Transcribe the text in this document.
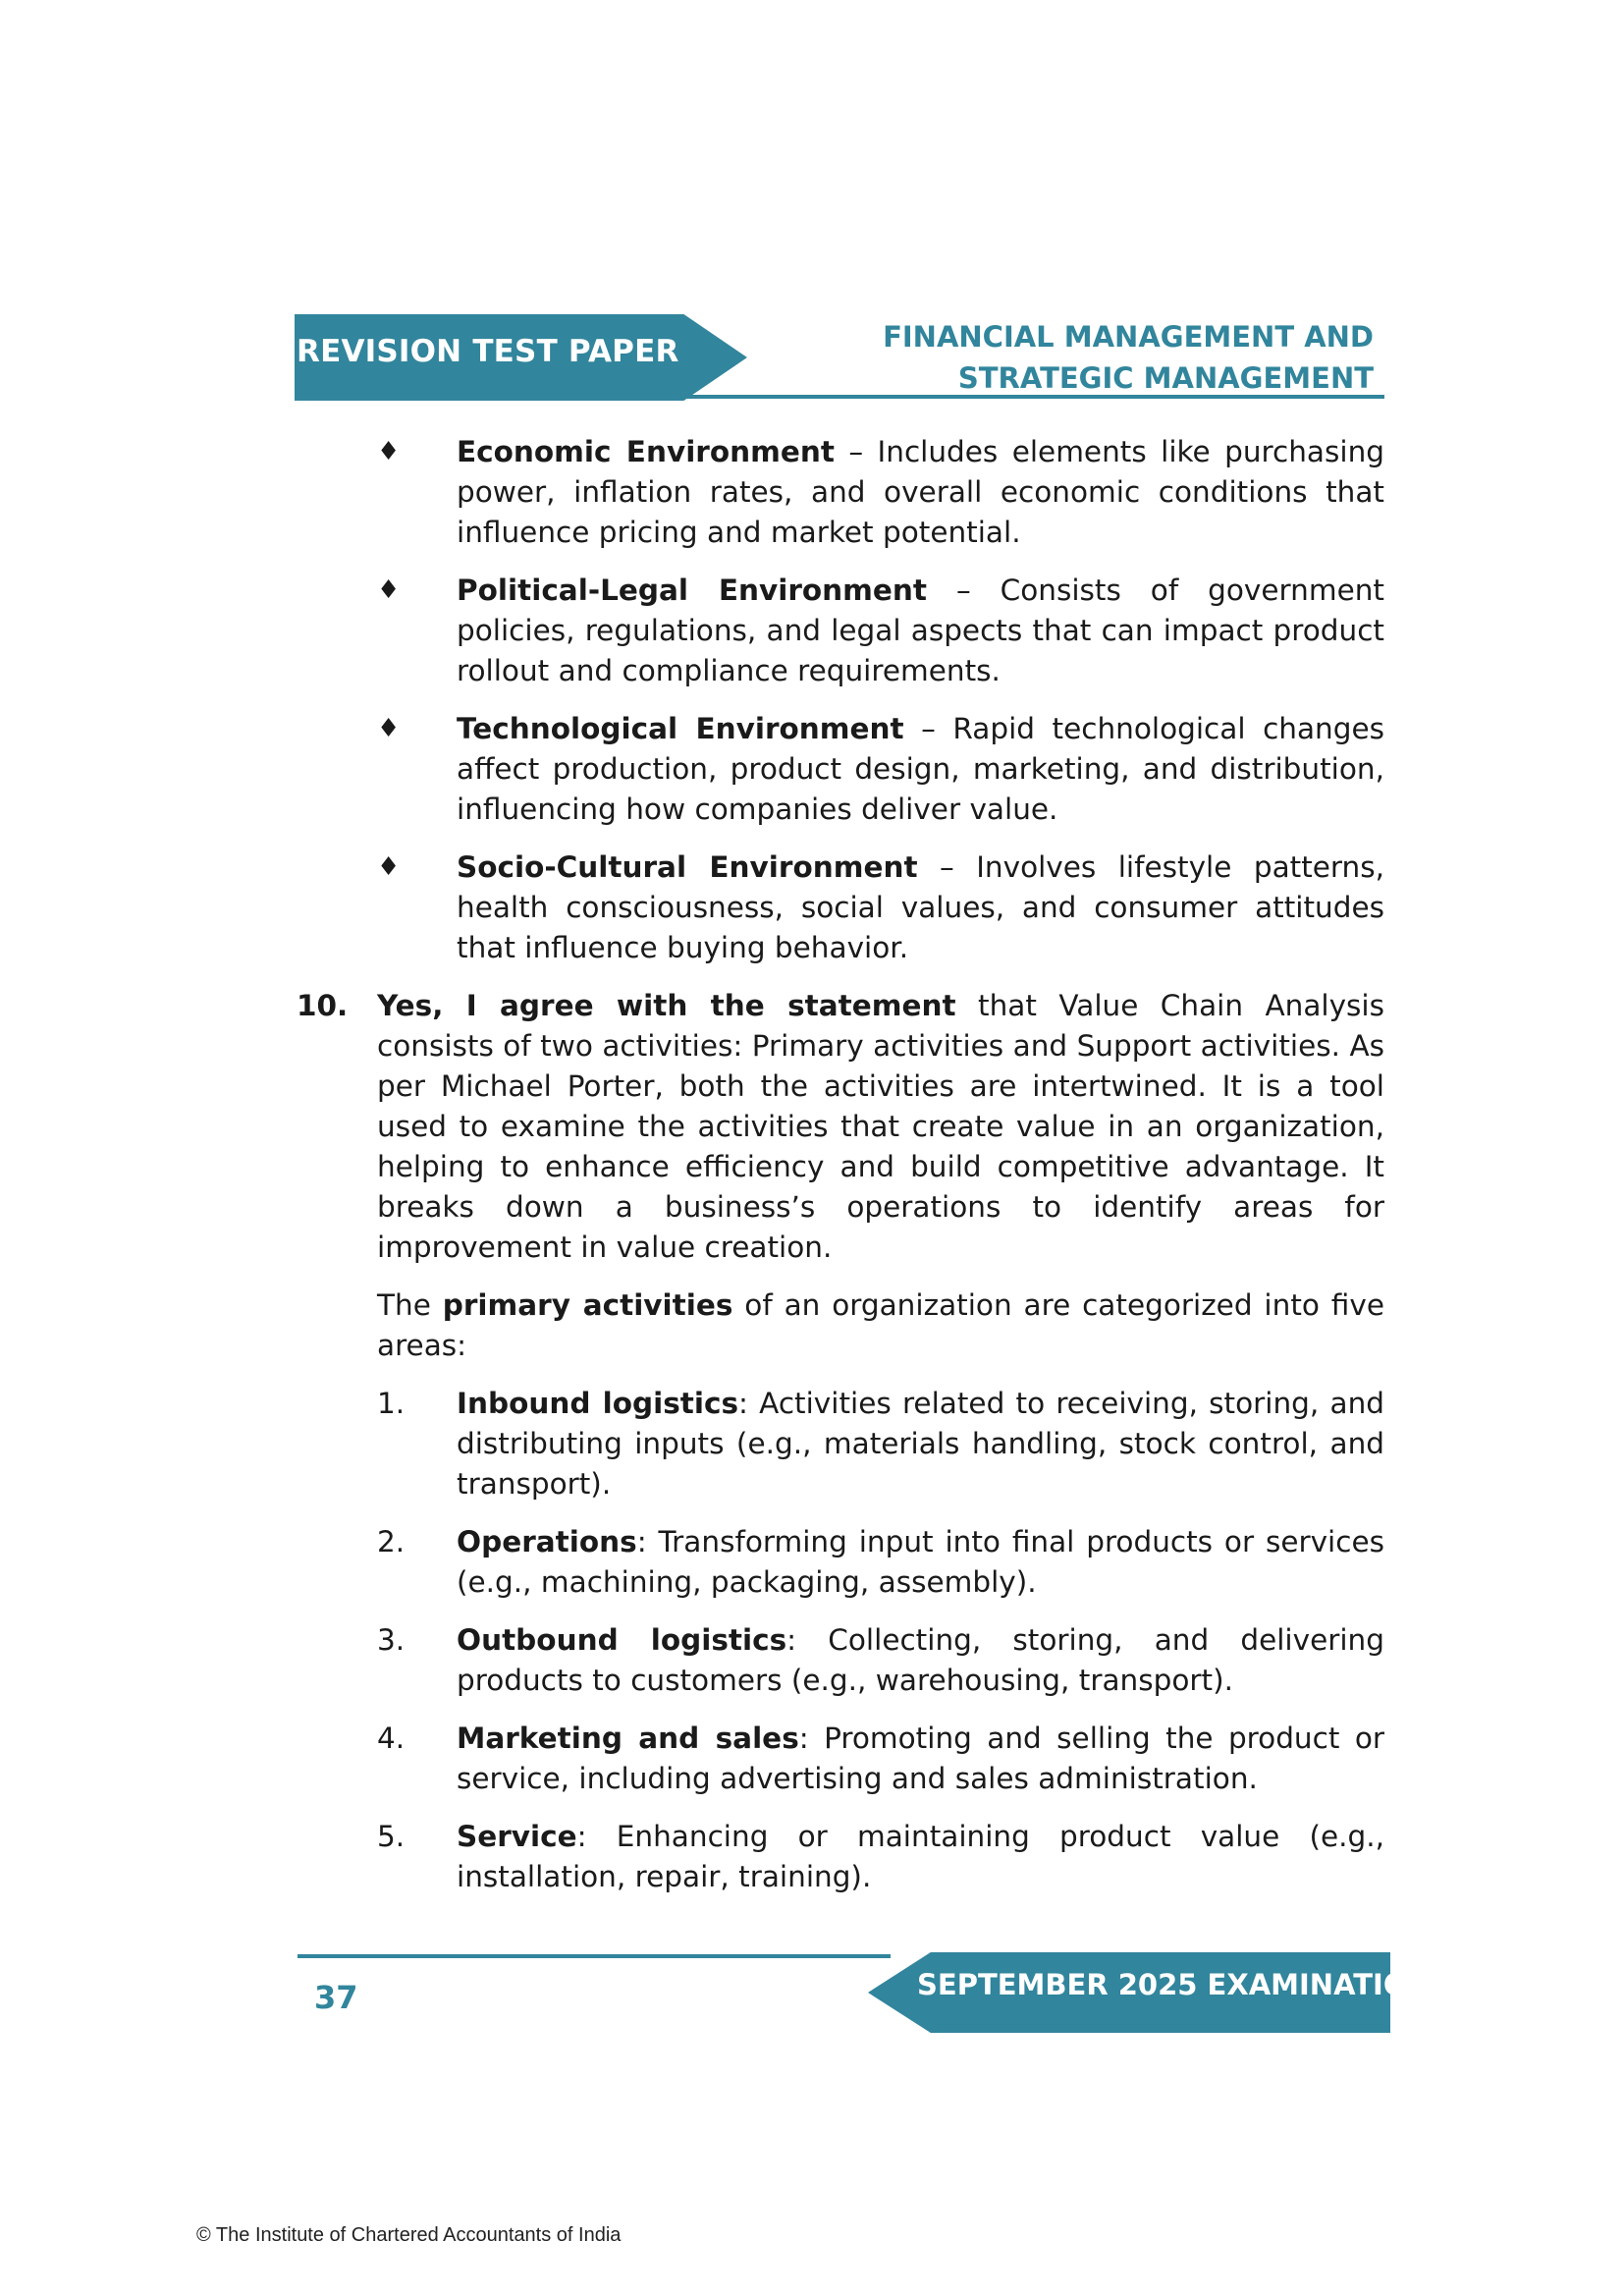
REVISION TEST PAPER	FINANCIAL MANAGEMENT AND
STRATEGIC MANAGEMENT
♦ Economic Environment – Includes elements like purchasing power, inflation rates, and overall economic conditions that influence pricing and market potential.
♦ Political-Legal Environment – Consists of government policies, regulations, and legal aspects that can impact product rollout and compliance requirements.
♦ Technological Environment – Rapid technological changes affect production, product design, marketing, and distribution, influencing how companies deliver value.
♦ Socio-Cultural Environment – Involves lifestyle patterns, health consciousness, social values, and consumer attitudes that influence buying behavior.
10. Yes, I agree with the statement that Value Chain Analysis consists of two activities: Primary activities and Support activities. As per Michael Porter, both the activities are intertwined. It is a tool used to examine the activities that create value in an organization, helping to enhance efficiency and build competitive advantage. It breaks down a business’s operations to identify areas for improvement in value creation.
The primary activities of an organization are categorized into five areas:
1. Inbound logistics: Activities related to receiving, storing, and distributing inputs (e.g., materials handling, stock control, and transport).
2. Operations: Transforming input into final products or services (e.g., machining, packaging, assembly).
3. Outbound logistics: Collecting, storing, and delivering products to customers (e.g., warehousing, transport).
4. Marketing and sales: Promoting and selling the product or service, including advertising and sales administration.
5. Service: Enhancing or maintaining product value (e.g., installation, repair, training).
SEPTEMBER 2025 EXAMINATION
37
© The Institute of Chartered Accountants of India
